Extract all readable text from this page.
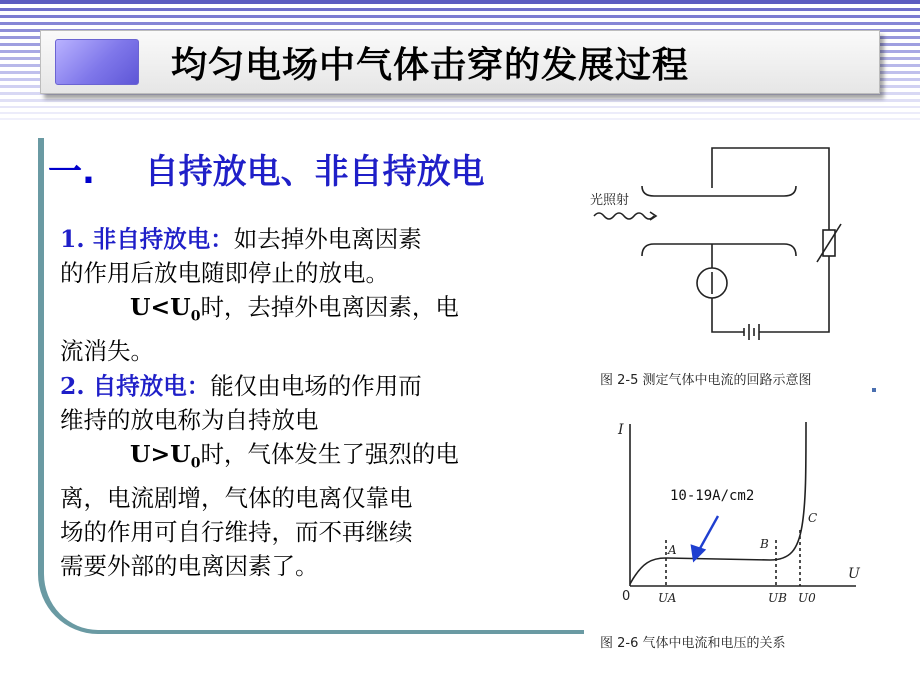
均匀电场中气体击穿的发展过程
一. 自持放电、非自持放电

1. 非自持放电：如去掉外电离因素

的作用后放电随即停止的放电。

$U<U_0$时，去掉外电离因素，电

流消失。

2. 自持放电：能仅由电场的作用而

维持的放电称为自持放电

$U>U_0$时，气体发生了强烈的电

离，电流剧增，气体的电离仅靠电

场的作用可自行维持，而不再继续

需要外部的电离因素了。

光照射
图 2-5 测定气体中电流的回路示意图
I
U
0
10-19A/cm2
A	B
C
UA	UB U0
图 2-6 气体中电流和电压的关系
